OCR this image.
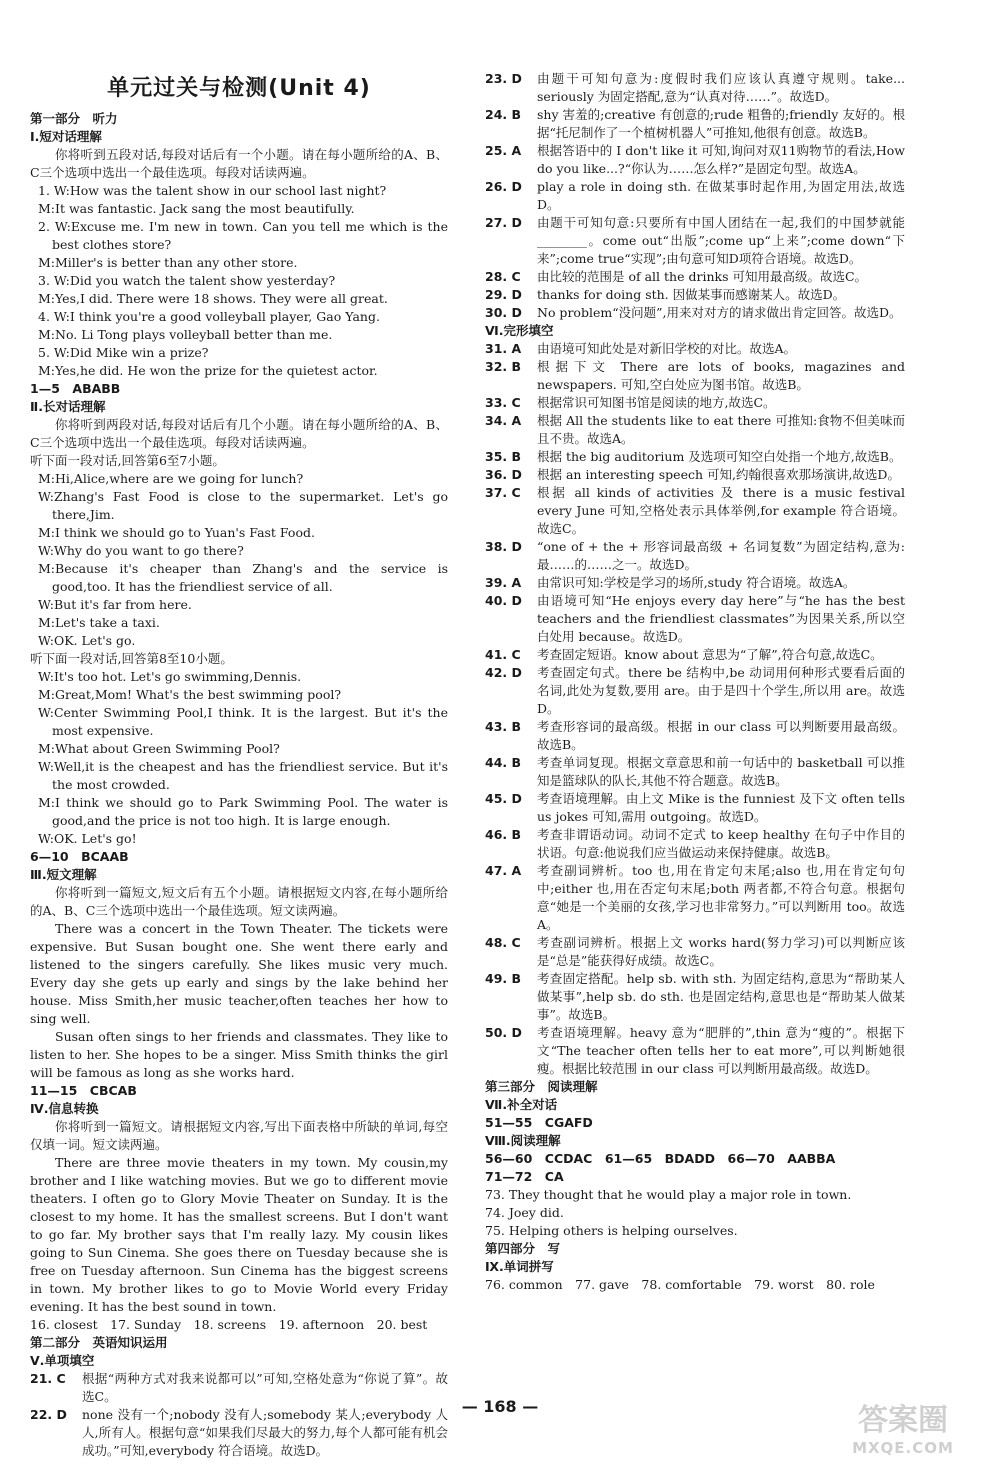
单元过关与检测(Unit 4)
第一部分　听力
Ⅰ.短对话理解
你将听到五段对话,每段对话后有一个小题。请在每小题所给的A、B、C三个选项中选出一个最佳选项。每段对话读两遍。
1. W:How was the talent show in our school last night?
M:It was fantastic. Jack sang the most beautifully.
2. W:Excuse me. I'm new in town. Can you tell me which is the best clothes store?
M:Miller's is better than any other store.
3. W:Did you watch the talent show yesterday?
M:Yes,I did. There were 18 shows. They were all great.
4. W:I think you're a good volleyball player, Gao Yang.
M:No. Li Tong plays volleyball better than me.
5. W:Did Mike win a prize?
M:Yes,he did. He won the prize for the quietest actor.
1—5　ABABB
Ⅱ.长对话理解
你将听到两段对话,每段对话后有几个小题。请在每小题所给的A、B、C三个选项中选出一个最佳选项。每段对话读两遍。
听下面一段对话,回答第6至7小题。
M:Hi,Alice,where are we going for lunch?
W:Zhang's Fast Food is close to the supermarket. Let's go there,Jim.
M:I think we should go to Yuan's Fast Food.
W:Why do you want to go there?
M:Because it's cheaper than Zhang's and the service is good,too. It has the friendliest service of all.
W:But it's far from here.
M:Let's take a taxi.
W:OK. Let's go.
听下面一段对话,回答第8至10小题。
W:It's too hot. Let's go swimming,Dennis.
M:Great,Mom! What's the best swimming pool?
W:Center Swimming Pool,I think. It is the largest. But it's the most expensive.
M:What about Green Swimming Pool?
W:Well,it is the cheapest and has the friendliest service. But it's the most crowded.
M:I think we should go to Park Swimming Pool. The water is good,and the price is not too high. It is large enough.
W:OK. Let's go!
6—10　BCAAB
Ⅲ.短文理解
你将听到一篇短文,短文后有五个小题。请根据短文内容,在每小题所给的A、B、C三个选项中选出一个最佳选项。短文读两遍。
There was a concert in the Town Theater. The tickets were expensive. But Susan bought one. She went there early and listened to the singers carefully. She likes music very much. Every day she gets up early and sings by the lake behind her house. Miss Smith,her music teacher,often teaches her how to sing well.
Susan often sings to her friends and classmates. They like to listen to her. She hopes to be a singer. Miss Smith thinks the girl will be famous as long as she works hard.
11—15　CBCAB
Ⅳ.信息转换
你将听到一篇短文。请根据短文内容,写出下面表格中所缺的单词,每空仅填一词。短文读两遍。
There are three movie theaters in my town. My cousin,my brother and I like watching movies. But we go to different movie theaters. I often go to Glory Movie Theater on Sunday. It is the closest to my home. It has the smallest screens. But I don't want to go far. My brother says that I'm really lazy. My cousin likes going to Sun Cinema. She goes there on Tuesday because she is free on Tuesday afternoon. Sun Cinema has the biggest screens in town. My brother likes to go to Movie World every Friday evening. It has the best sound in town.
16. closest　17. Sunday　18. screens　19. afternoon　20. best
第二部分　英语知识运用
Ⅴ.单项填空
21. C	根据“两种方式对我来说都可以”可知,空格处意为“你说了算”。故选C。
22. D	none 没有一个;nobody 没有人;somebody 某人;everybody 人人,所有人。根据句意“如果我们尽最大的努力,每个人都可能有机会成功。”可知,everybody 符合语境。故选D。
23. D	由题干可知句意为:度假时我们应该认真遵守规则。take... seriously 为固定搭配,意为“认真对待……”。故选D。
24. B	shy 害羞的;creative 有创意的;rude 粗鲁的;friendly 友好的。根据“托尼制作了一个植树机器人”可推知,他很有创意。故选B。
25. A	根据答语中的 I don't like it 可知,询问对双11购物节的看法,How do you like...?“你认为……怎么样?”是固定句型。故选A。
26. D	play a role in doing sth. 在做某事时起作用,为固定用法,故选D。
27. D	由题干可知句意:只要所有中国人团结在一起,我们的中国梦就能________。come out“出版”;come up“上来”;come down“下来”;come true“实现”;由句意可知D项符合语境。故选D。
28. C	由比较的范围是 of all the drinks 可知用最高级。故选C。
29. D	thanks for doing sth. 因做某事而感谢某人。故选D。
30. D	No problem“没问题”,用来对对方的请求做出肯定回答。故选D。
Ⅵ.完形填空
31. A	由语境可知此处是对新旧学校的对比。故选A。
32. B	根据下文 There are lots of books, magazines and newspapers. 可知,空白处应为图书馆。故选B。
33. C	根据常识可知图书馆是阅读的地方,故选C。
34. A	根据 All the students like to eat there 可推知:食物不但美味而且不贵。故选A。
35. B	根据 the big auditorium 及选项可知空白处指一个地方,故选B。
36. D	根据 an interesting speech 可知,约翰很喜欢那场演讲,故选D。
37. C	根据 all kinds of activities 及 there is a music festival every June 可知,空格处表示具体举例,for example 符合语境。故选C。
38. D	“one of + the + 形容词最高级 + 名词复数”为固定结构,意为:最……的……之一。故选D。
39. A	由常识可知:学校是学习的场所,study 符合语境。故选A。
40. D	由语境可知“He enjoys every day here”与“he has the best teachers and the friendliest classmates”为因果关系,所以空白处用 because。故选D。
41. C	考查固定短语。know about 意思为“了解”,符合句意,故选C。
42. D	考查固定句式。there be 结构中,be 动词用何种形式要看后面的名词,此处为复数,要用 are。由于是四十个学生,所以用 are。故选D。
43. B	考查形容词的最高级。根据 in our class 可以判断要用最高级。故选B。
44. B	考查单词复现。根据文章意思和前一句话中的 basketball 可以推知是篮球队的队长,其他不符合题意。故选B。
45. D	考查语境理解。由上文 Mike is the funniest 及下文 often tells us jokes 可知,需用 outgoing。故选D。
46. B	考查非谓语动词。动词不定式 to keep healthy 在句子中作目的状语。句意:他说我们应当做运动来保持健康。故选B。
47. A	考查副词辨析。too 也,用在肯定句末尾;also 也,用在肯定句句中;either 也,用在否定句末尾;both 两者都,不符合句意。根据句意“她是一个美丽的女孩,学习也非常努力。”可以判断用 too。故选A。
48. C	考查副词辨析。根据上文 works hard(努力学习)可以判断应该是“总是”能获得好成绩。故选C。
49. B	考查固定搭配。help sb. with sth. 为固定结构,意思为“帮助某人做某事”,help sb. do sth. 也是固定结构,意思也是“帮助某人做某事”。故选B。
50. D	考查语境理解。heavy 意为“肥胖的”,thin 意为“瘦的”。根据下文“The teacher often tells her to eat more”,可以判断她很瘦。根据比较范围 in our class 可以判断用最高级。故选D。
第三部分　阅读理解
Ⅶ.补全对话
51—55　CGAFD
Ⅷ.阅读理解
56—60　CCDAC　61—65　BDADD　66—70　AABBA
71—72　CA
73. They thought that he would play a major role in town.
74. Joey did.
75. Helping others is helping ourselves.
第四部分　写
Ⅸ.单词拼写
76. common　77. gave　78. comfortable　79. worst　80. role
— 168 —	答案圈
MXQE.COM
